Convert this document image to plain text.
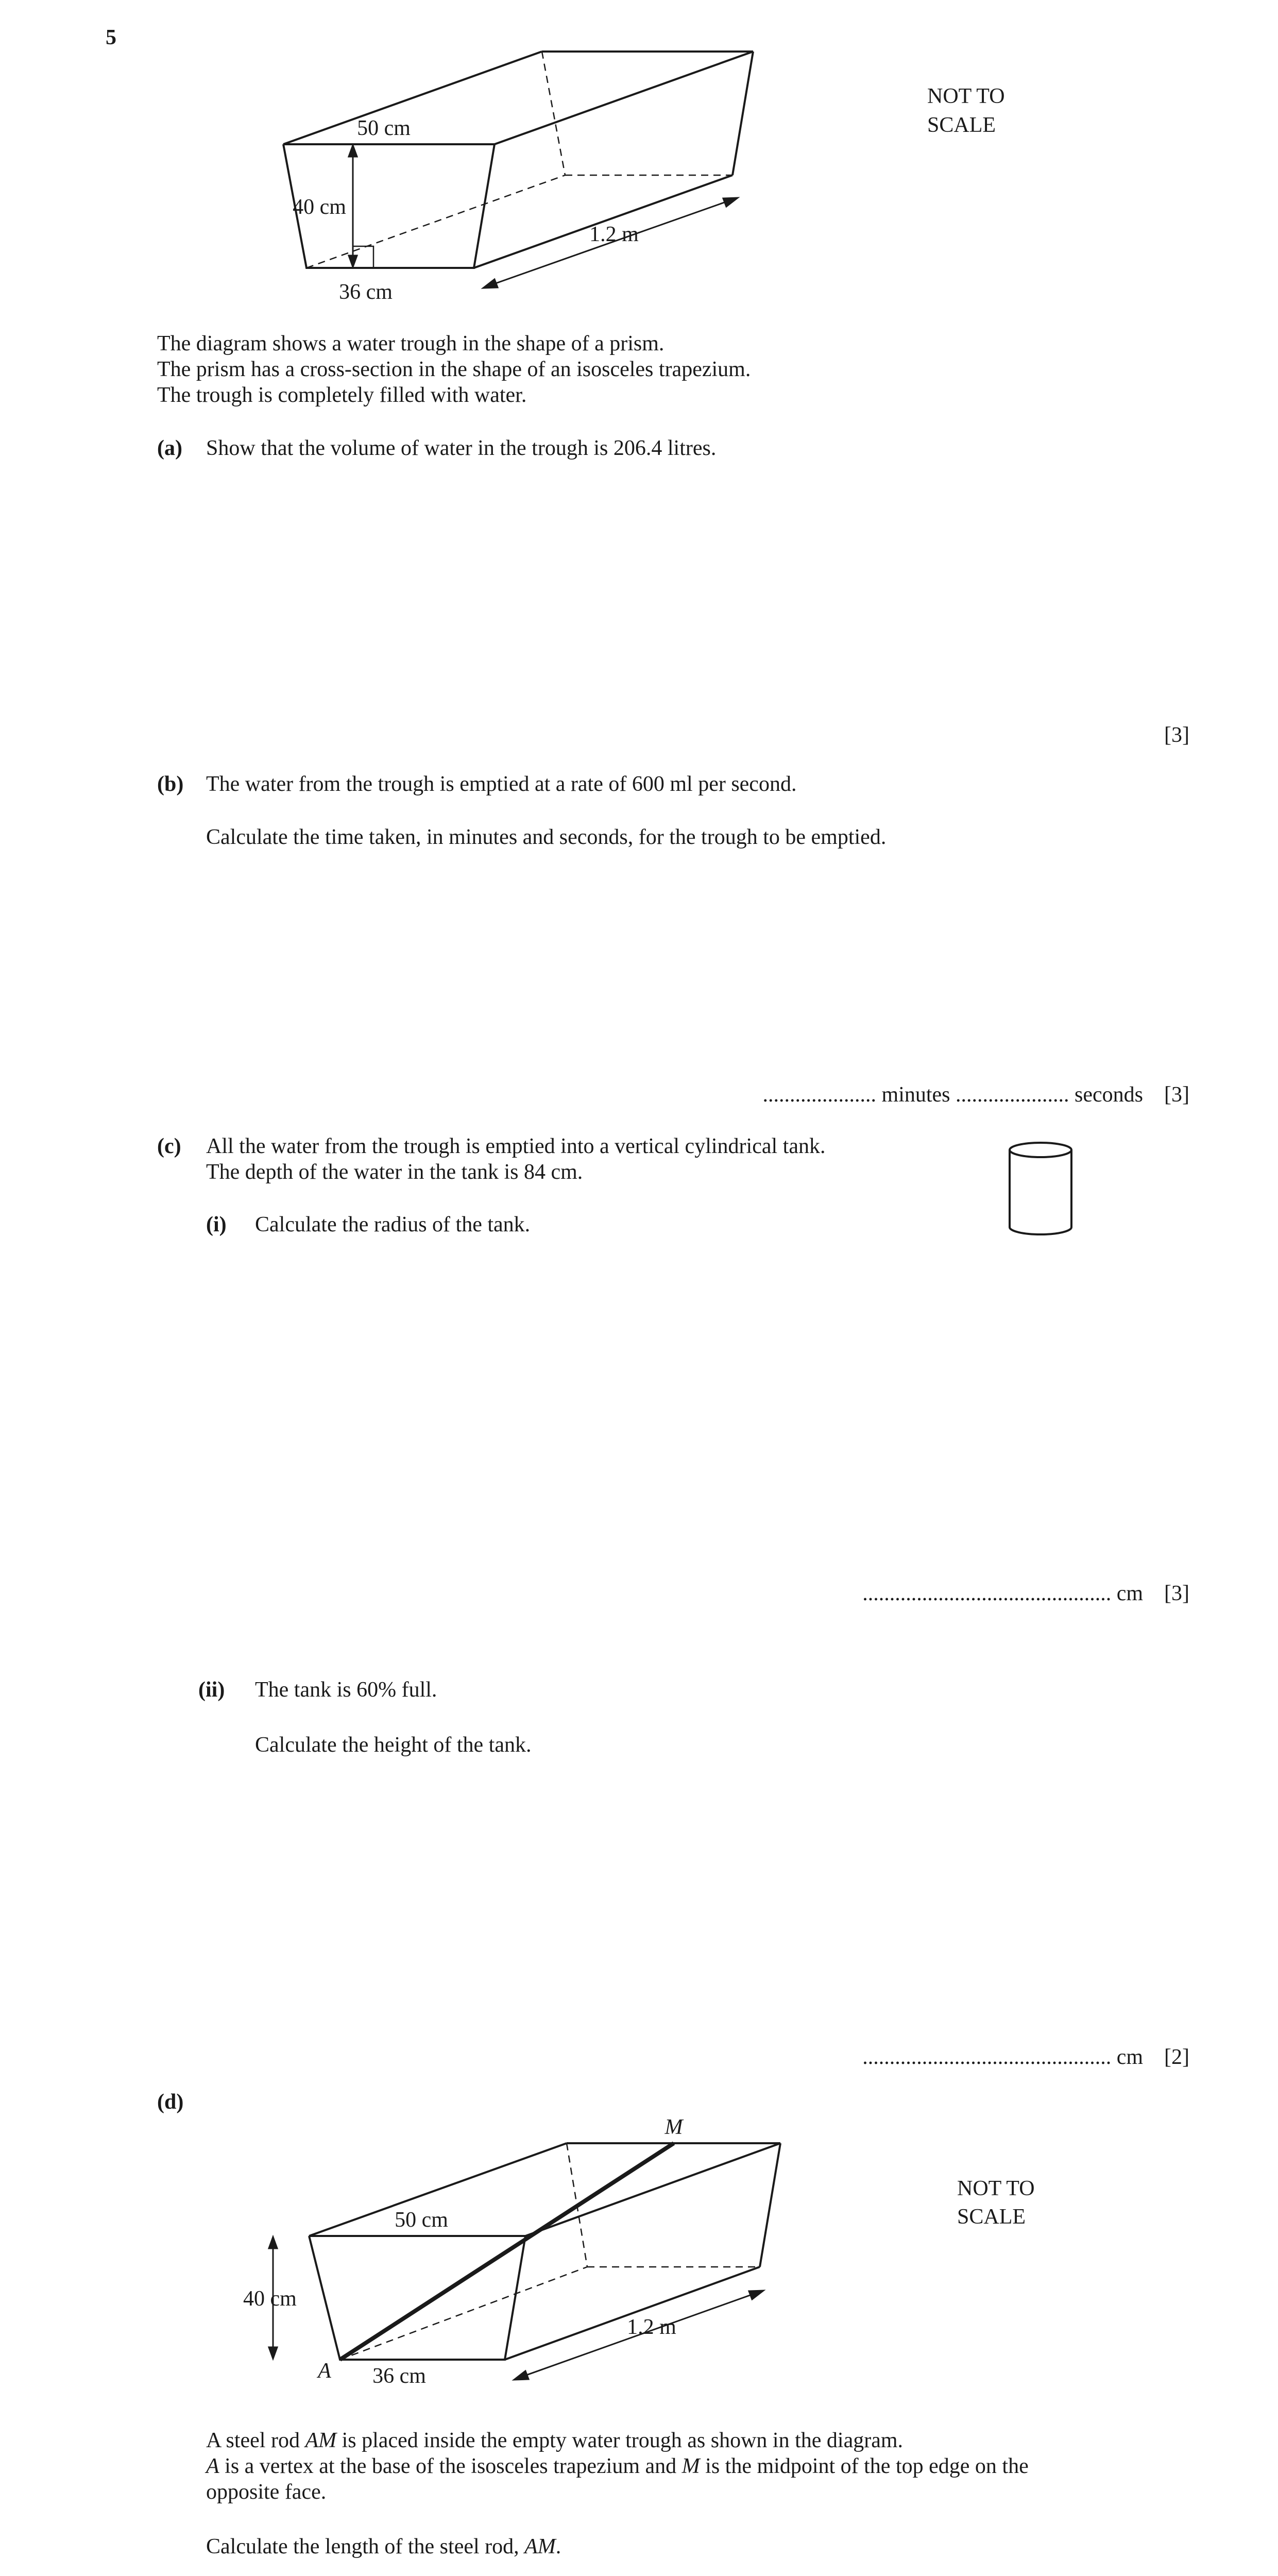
5
50 cm
40 cm
36 cm
1.2 m
NOT TO
SCALE
The diagram shows a water trough in the shape of a prism.
The prism has a cross-section in the shape of an isosceles trapezium.
The trough is completely filled with water.
(a) Show that the volume of water in the trough is 206.4 litres.
[3]
(b) The water from the trough is emptied at a rate of 600 ml per second.
Calculate the time taken, in minutes and seconds, for the trough to be emptied.
..................... minutes ..................... seconds [3]
(c) All the water from the trough is emptied into a vertical cylindrical tank.
The depth of the water in the tank is 84 cm.
(i) Calculate the radius of the tank.
.............................................. cm [3]
(ii) The tank is 60% full.
Calculate the height of the tank.
.............................................. cm [2]
(d)
M
A
50 cm
40 cm
36 cm
1.2 m
NOT TO
SCALE
A steel rod AM is placed inside the empty water trough as shown in the diagram.
A is a vertex at the base of the isosceles trapezium and M is the midpoint of the top edge on the
opposite face.
Calculate the length of the steel rod, AM.
